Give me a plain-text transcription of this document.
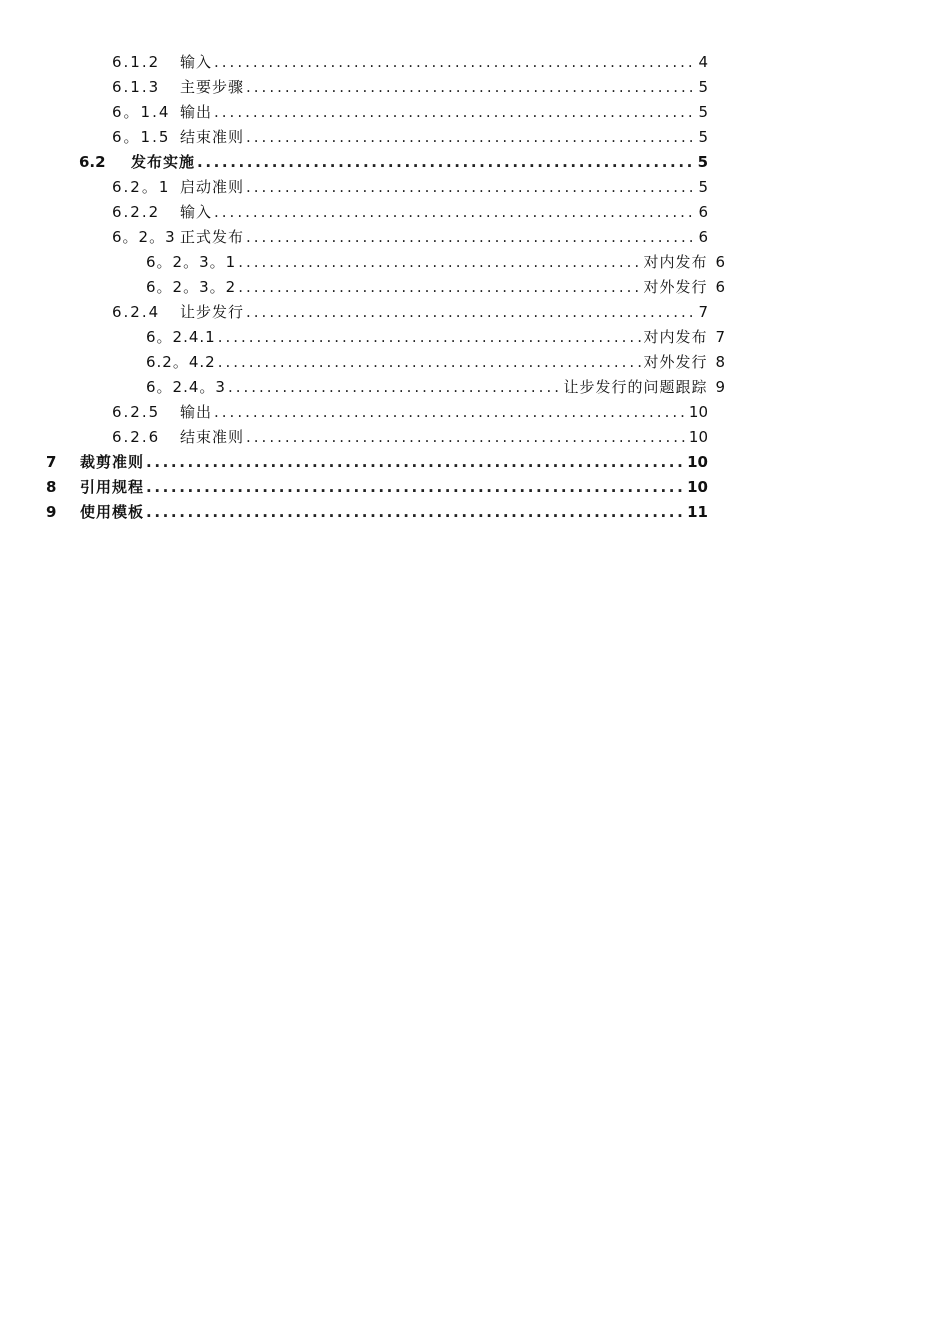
6.1.2	输入 .....	4
6.1.3	主要步骤 .....	5
6。1.4 输出 .....	5
6。1.5 结束准则 .....	5
6.2	发布实施 .....	5
6.2。1 启动准则 .....	5
6.2.2	输入 .....	6
6。2。3 正式发布 .....	6
6。2。3。1 .....	对内发布 6
6。2。3。2 .....	对外发行 6
6.2.4	让步发行 .....	7
6。2.4.1 .....	对内发布 7
6.2。4.2 .....	对外发行 8
6。2.4。3 .....	让步发行的问题跟踪 9
6.2.5	输出 .....	10
6.2.6	结束准则 .....	10
7	裁剪准则 .....	10
8	引用规程 .....	10
9	使用模板 .....	11
